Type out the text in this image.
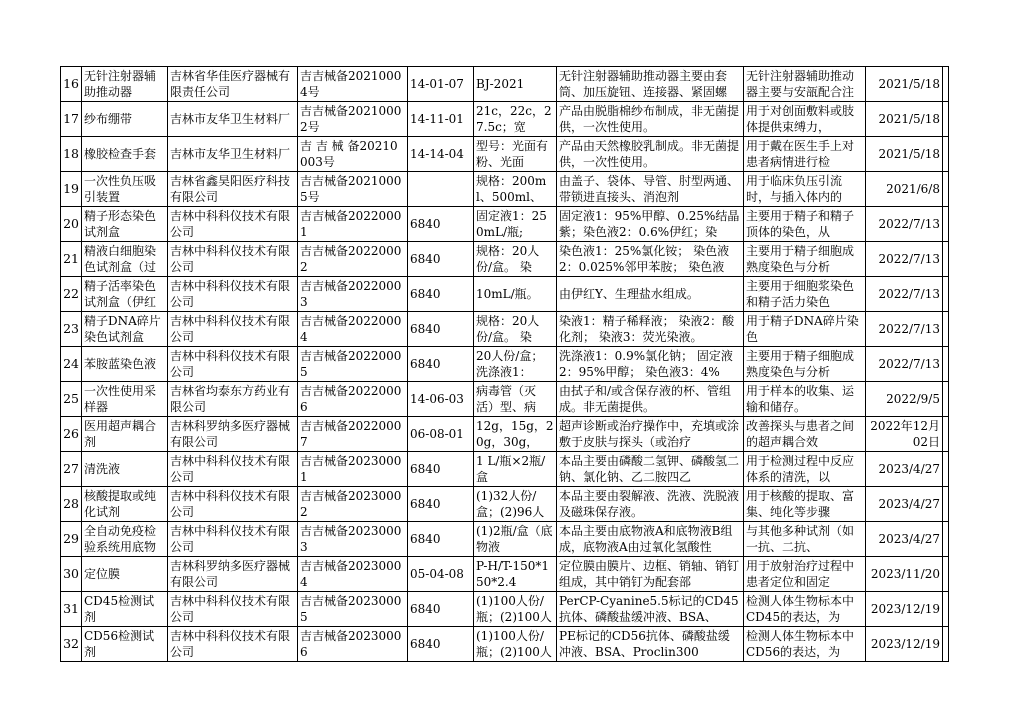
16	无针注射器辅助推动器	吉林省华佳医疗器械有限责任公司	吉吉械备20210004号	14-01-07	BJ-2021	无针注射器辅助推动器主要由套筒、加压旋钮、连接器、紧固螺	无针注射器辅助推动器主要与安瓿配合注	2021/5/18	

17	纱布绷带	吉林市友华卫生材料厂	吉吉械备20210002号	14-11-01	21c，22c，27.5c；宽	产品由脱脂棉纱布制成，非无菌提供，一次性使用。	用于对创面敷料或肢体提供束缚力，	2021/5/18	

18	橡胶检查手套	吉林市友华卫生材料厂	吉 吉 械 备20210003号	14-14-04	型号：光面有粉、光面	产品由天然橡胶乳制成。非无菌提供，一次性使用。	用于戴在医生手上对患者病情进行检	2021/5/18	

19	一次性负压吸引装置	吉林省鑫昊阳医疗科技有限公司	吉吉械备20210005号		规格：200ml、500ml、	由盖子、袋体、导管、肘型两通、带锁进直接头、消泡剂	用于临床负压引流时，与插入体内的	2021/6/8	

20	精子形态染色试剂盒	吉林中科科仪技术有限公司	吉吉械备20220001	6840	固定液1：250mL/瓶;	固定液1：95%甲醇、0.25%结晶紫；染色液2：0.6%伊红；染	主要用于精子和精子顶体的染色，从	2022/7/13	

21	精液白细胞染色试剂盒（过	吉林中科科仪技术有限公司	吉吉械备20220002	6840	规格：20人份/盒。 染	染色液1：25%氯化铵； 染色液2：0.025%邻甲苯胺； 染色液	主要用于精子细胞成熟度染色与分析	2022/7/13	

22	精子活率染色试剂盒（伊红	吉林中科科仪技术有限公司	吉吉械备20220003	6840	10mL/瓶。	由伊红Y、生理盐水组成。	主要用于细胞浆染色和精子活力染色	2022/7/13	

23	精子DNA碎片染色试剂盒	吉林中科科仪技术有限公司	吉吉械备20220004	6840	规格：20人份/盒。 染	染液1：精子稀释液； 染液2：酸化剂； 染液3：荧光染液。	用于精子DNA碎片染色	2022/7/13	

24	苯胺蓝染色液	吉林中科科仪技术有限公司	吉吉械备20220005	6840	20人份/盒；洗涤液1：	洗涤液1：0.9%氯化钠； 固定液2：95%甲醇； 染色液3：4%	主要用于精子细胞成熟度染色与分析	2022/7/13	

25	一次性使用采样器	吉林省均泰东方药业有限公司	吉吉械备20220006	14-06-03	病毒管（灭活）型、病	由拭子和/或含保存液的杯、管组成。非无菌提供。	用于样本的收集、运输和储存。	2022/9/5	

26	医用超声耦合剂	吉林科罗纳多医疗器械有限公司	吉吉械备20220007	06-08-01	12g，15g，20g，30g，	超声诊断或治疗操作中，充填或涂敷于皮肤与探头（或治疗	改善探头与患者之间的超声耦合效	2022年12月02日	

27	清洗液	吉林中科科仪技术有限公司	吉吉械备20230001	6840	1 L/瓶×2瓶/盒	本品主要由磷酸二氢钾、磷酸氢二钠、氯化钠、乙二胺四乙	用于检测过程中反应体系的清洗，以	2023/4/27	

28	核酸提取或纯化试剂	吉林中科科仪技术有限公司	吉吉械备20230002	6840	(1)32人份/盒；(2)96人	本品主要由裂解液、洗液、洗脱液及磁珠保存液。	用于核酸的提取、富集、纯化等步骤	2023/4/27	

29	全自动免疫检验系统用底物	吉林中科科仪技术有限公司	吉吉械备20230003	6840	(1)2瓶/盒（底物液	本品主要由底物液A和底物液B组成，底物液A由过氧化氢酸性	与其他多种试剂（如一抗、二抗、	2023/4/27	

30	定位膜	吉林科罗纳多医疗器械有限公司	吉吉械备20230004	05-04-08	P-H/T-150*150*2.4	定位膜由膜片、边框、销轴、销钉组成，其中销钉为配套部	用于放射治疗过程中患者定位和固定	2023/11/20	

31	CD45检测试剂	吉林中科科仪技术有限公司	吉吉械备20230005	6840	(1)100人份/瓶；(2)100人	PerCP-Cyanine5.5标记的CD45抗体、磷酸盐缓冲液、BSA、	检测人体生物标本中CD45的表达，为	2023/12/19	

32	CD56检测试剂	吉林中科科仪技术有限公司	吉吉械备20230006	6840	(1)100人份/瓶；(2)100人	PE标记的CD56抗体、磷酸盐缓冲液、BSA、Proclin300	检测人体生物标本中CD56的表达，为	2023/12/19	
